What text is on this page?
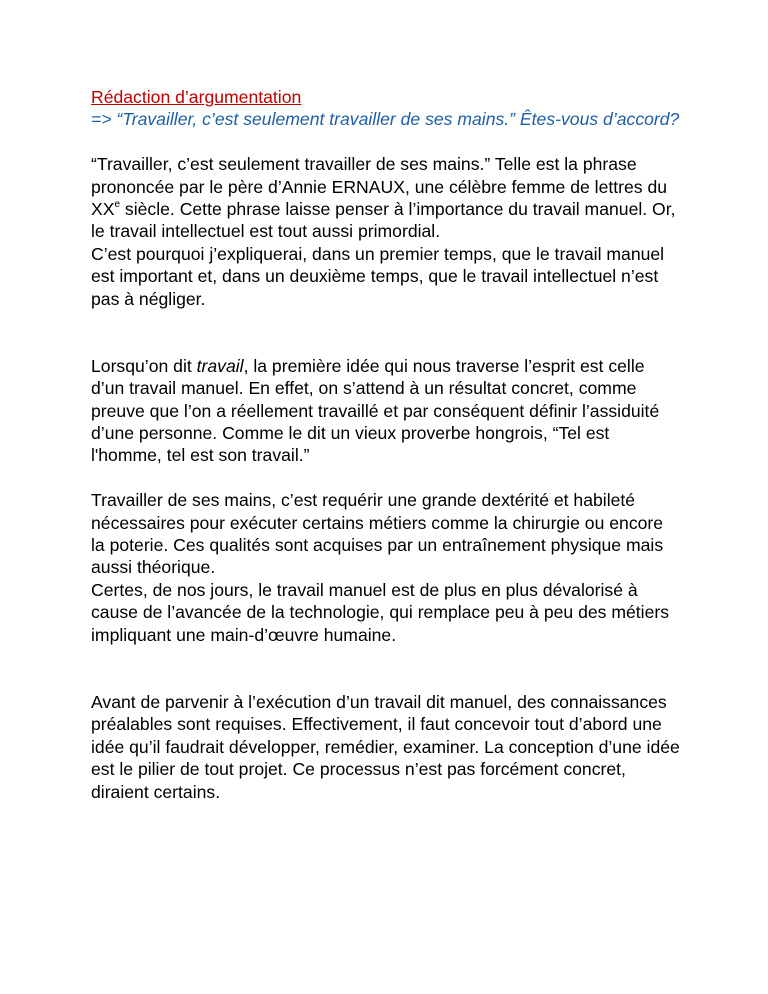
Rédaction d’argumentation

=> “Travailler, c’est seulement travailler de ses mains.” Êtes-vous d’accord?

“Travailler, c’est seulement travailler de ses mains.” Telle est la phrase prononcée par le père d’Annie ERNAUX, une célèbre femme de lettres du XXe siècle. Cette phrase laisse penser à l’importance du travail manuel. Or, le travail intellectuel est tout aussi primordial.

C’est pourquoi j’expliquerai, dans un premier temps, que le travail manuel est important et, dans un deuxième temps, que le travail intellectuel n’est pas à négliger.

Lorsqu’on dit travail, la première idée qui nous traverse l’esprit est celle d’un travail manuel. En effet, on s’attend à un résultat concret, comme preuve que l’on a réellement travaillé et par conséquent définir l’assiduité d’une personne. Comme le dit un vieux proverbe hongrois, “Tel est l'homme, tel est son travail.”

Travailler de ses mains, c’est requérir une grande dextérité et habileté nécessaires pour exécuter certains métiers comme la chirurgie ou encore la poterie. Ces qualités sont acquises par un entraînement physique mais aussi théorique.

Certes, de nos jours, le travail manuel est de plus en plus dévalorisé à cause de l’avancée de la technologie, qui remplace peu à peu des métiers impliquant une main-d’œuvre humaine.

Avant de parvenir à l’exécution d’un travail dit manuel, des connaissances préalables sont requises. Effectivement, il faut concevoir tout d’abord une idée qu’il faudrait développer, remédier, examiner. La conception d’une idée est le pilier de tout projet. Ce processus n’est pas forcément concret, diraient certains.
